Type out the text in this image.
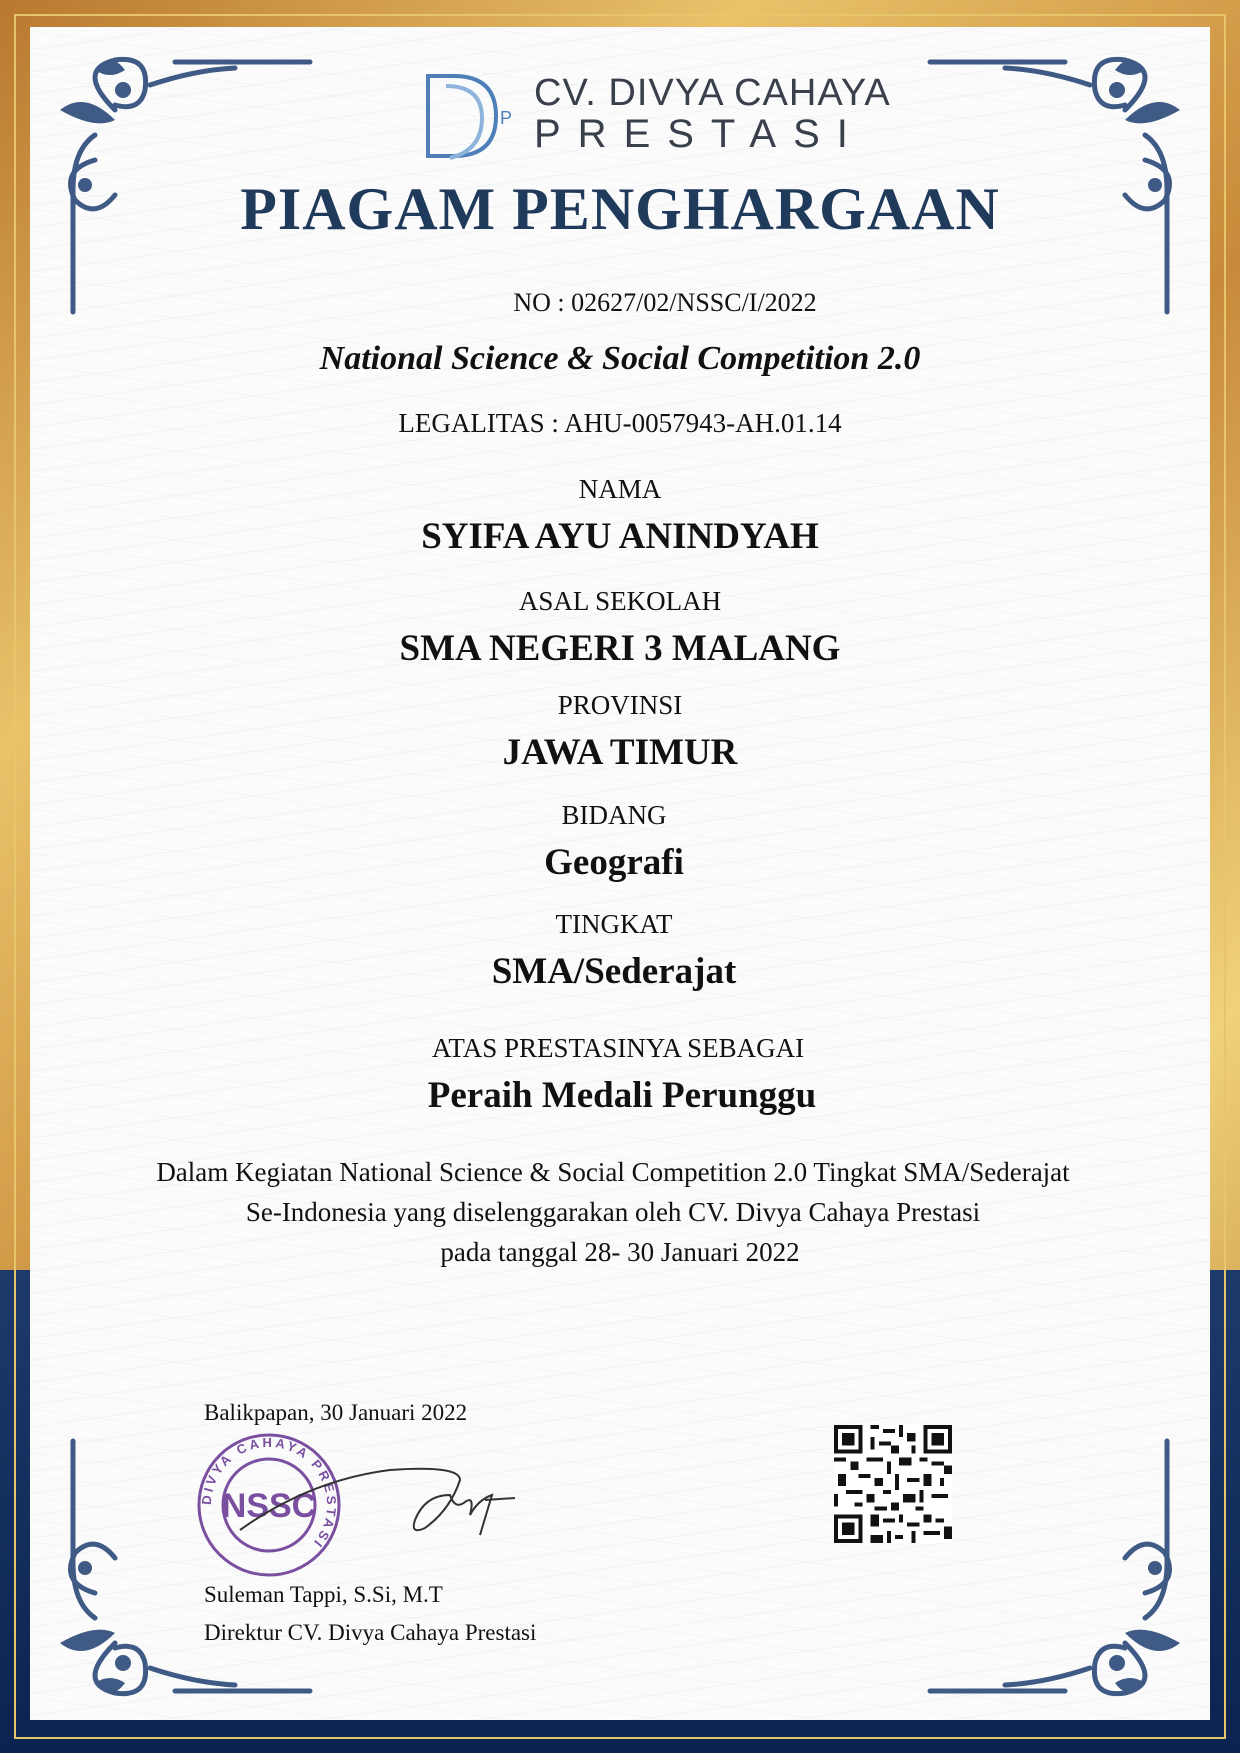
P
CV. DIVYA CAHAYA
PRESTASI
PIAGAM PENGHARGAAN
NO : 02627/02/NSSC/I/2022
National Science & Social Competition 2.0
LEGALITAS : AHU-0057943-AH.01.14
NAMA
SYIFA AYU ANINDYAH
ASAL SEKOLAH
SMA NEGERI 3 MALANG
PROVINSI
JAWA TIMUR
BIDANG
Geografi
TINGKAT
SMA/Sederajat
ATAS PRESTASINYA SEBAGAI
Peraih Medali Perunggu
Dalam Kegiatan National Science & Social Competition 2.0 Tingkat SMA/Sederajat
Se-Indonesia yang diselenggarakan oleh CV. Divya Cahaya Prestasi
pada tanggal 28- 30 Januari 2022
Balikpapan, 30 Januari 2022
DIVYA CAHAYA PRESTASI
NSSC
Suleman Tappi, S.Si, M.T
Direktur CV. Divya Cahaya Prestasi
